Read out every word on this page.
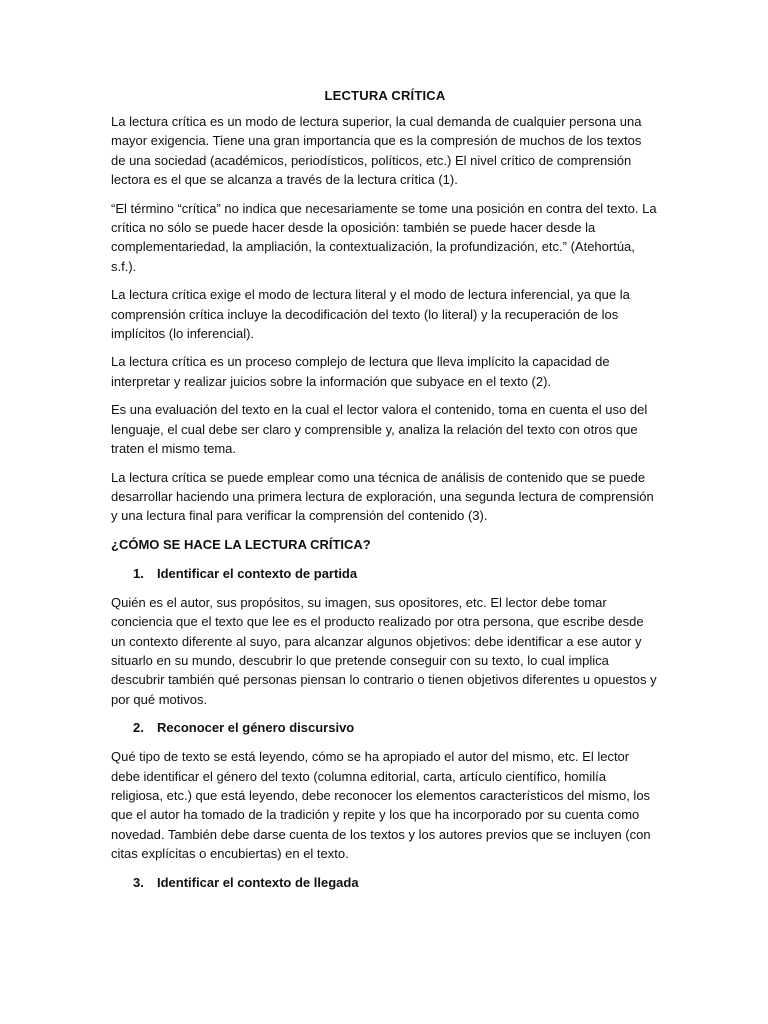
LECTURA CRÍTICA

La lectura crítica es un modo de lectura superior, la cual demanda de cualquier persona una mayor exigencia. Tiene una gran importancia que es la compresión de muchos de los textos de una sociedad (académicos, periodísticos, políticos, etc.) El nivel crítico de comprensión lectora es el que se alcanza a través de la lectura crítica (1).

“El término “crítica” no indica que necesariamente se tome una posición en contra del texto. La crítica no sólo se puede hacer desde la oposición: también se puede hacer desde la complementariedad, la ampliación, la contextualización, la profundización, etc.” (Atehortúa, s.f.).

La lectura crítica exige el modo de lectura literal y el modo de lectura inferencial, ya que la comprensión crítica incluye la decodificación del texto (lo literal) y la recuperación de los implícitos (lo inferencial).

La lectura crítica es un proceso complejo de lectura que lleva implícito la capacidad de interpretar y realizar juicios sobre la información que subyace en el texto (2).

Es una evaluación del texto en la cual el lector valora el contenido, toma en cuenta el uso del lenguaje, el cual debe ser claro y comprensible y, analiza la relación del texto con otros que traten el mismo tema.

La lectura crítica se puede emplear como una técnica de análisis de contenido que se puede desarrollar haciendo una primera lectura de exploración, una segunda lectura de comprensión y una lectura final para verificar la comprensión del contenido (3).

¿CÓMO SE HACE LA LECTURA CRÍTICA?
1.	Identificar el contexto de partida

Quién es el autor, sus propósitos, su imagen, sus opositores, etc. El lector debe tomar conciencia que el texto que lee es el producto realizado por otra persona, que escribe desde un contexto diferente al suyo, para alcanzar algunos objetivos: debe identificar a ese autor y situarlo en su mundo, descubrir lo que pretende conseguir con su texto, lo cual implica descubrir también qué personas piensan lo contrario o tienen objetivos diferentes u opuestos y por qué motivos.

2.	Reconocer el género discursivo

Qué tipo de texto se está leyendo, cómo se ha apropiado el autor del mismo, etc. El lector debe identificar el género del texto (columna editorial, carta, artículo científico, homilía religiosa, etc.) que está leyendo, debe reconocer los elementos característicos del mismo, los que el autor ha tomado de la tradición y repite y los que ha incorporado por su cuenta como novedad. También debe darse cuenta de los textos y los autores previos que se incluyen (con citas explícitas o encubiertas) en el texto.

3.	Identificar el contexto de llegada
